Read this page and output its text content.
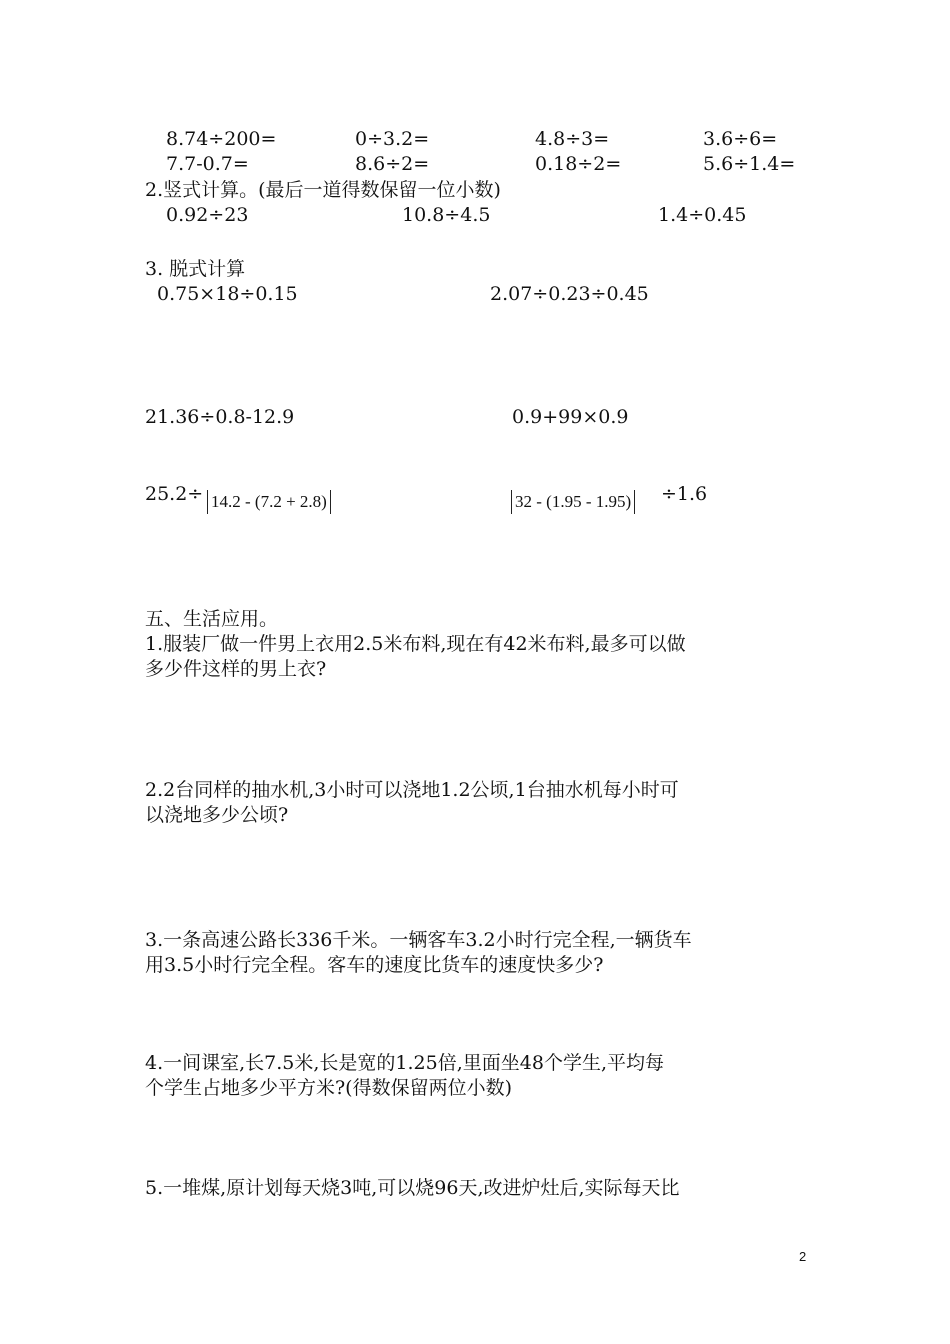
8.74÷200=	0÷3.2=	4.8÷3=	3.6÷6=
7.7-0.7=	8.6÷2=	0.18÷2=	5.6÷1.4=
2.竖式计算。(最后一道得数保留一位小数)
0.92÷23	10.8÷4.5	1.4÷0.45
3. 脱式计算
0.75×18÷0.15	2.07÷0.23÷0.45
21.36÷0.8-12.9	0.9+99×0.9
25.2÷ 14.2 - (7.2 + 2.8)	32 - (1.95 - 1.95) ÷1.6
五、生活应用。
1.服装厂做一件男上衣用2.5米布料,现在有42米布料,最多可以做
多少件这样的男上衣?
2.2台同样的抽水机,3小时可以浇地1.2公顷,1台抽水机每小时可
以浇地多少公顷?
3.一条高速公路长336千米。一辆客车3.2小时行完全程,一辆货车
用3.5小时行完全程。客车的速度比货车的速度快多少?
4.一间课室,长7.5米,长是宽的1.25倍,里面坐48个学生,平均每
个学生占地多少平方米?(得数保留两位小数)
5.一堆煤,原计划每天烧3吨,可以烧96天,改进炉灶后,实际每天比
2
